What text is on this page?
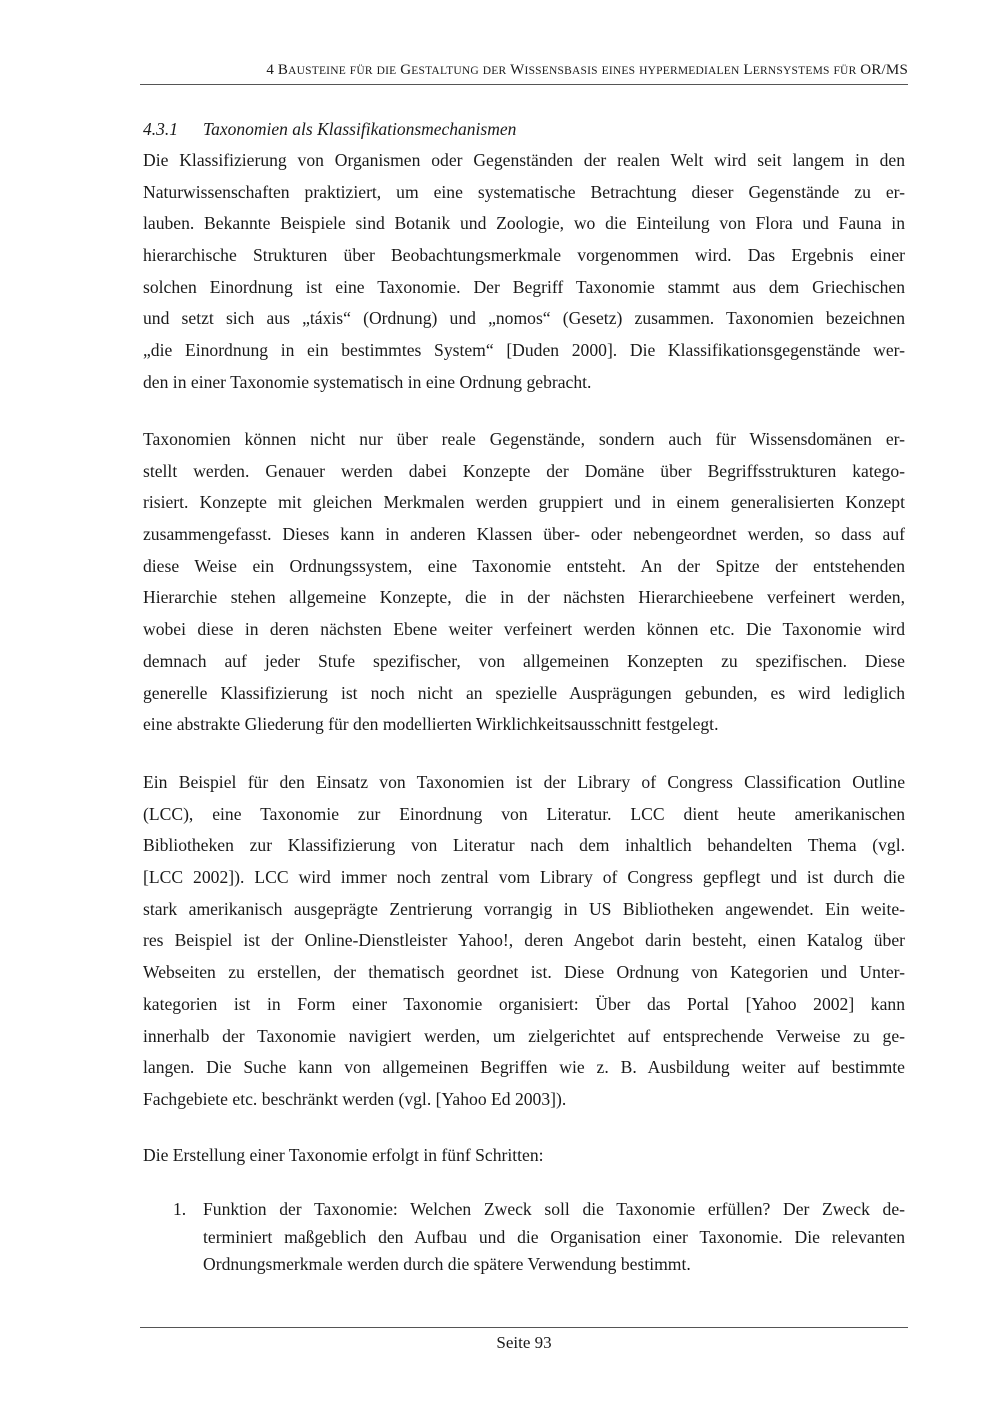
4 BAUSTEINE FÜR DIE GESTALTUNG DER WISSENSBASIS EINES HYPERMEDIALEN LERNSYSTEMS FÜR OR/MS
4.3.1 Taxonomien als Klassifikationsmechanismen
Die Klassifizierung von Organismen oder Gegenständen der realen Welt wird seit langem in den
Naturwissenschaften praktiziert, um eine systematische Betrachtung dieser Gegenstände zu er-
lauben. Bekannte Beispiele sind Botanik und Zoologie, wo die Einteilung von Flora und Fauna in
hierarchische Strukturen über Beobachtungsmerkmale vorgenommen wird. Das Ergebnis einer
solchen Einordnung ist eine Taxonomie. Der Begriff Taxonomie stammt aus dem Griechischen
und setzt sich aus „táxis“ (Ordnung) und „nomos“ (Gesetz) zusammen. Taxonomien bezeichnen
„die Einordnung in ein bestimmtes System“ [Duden 2000]. Die Klassifikationsgegenstände wer-
den in einer Taxonomie systematisch in eine Ordnung gebracht.
Taxonomien können nicht nur über reale Gegenstände, sondern auch für Wissensdomänen er-
stellt werden. Genauer werden dabei Konzepte der Domäne über Begriffsstrukturen katego-
risiert. Konzepte mit gleichen Merkmalen werden gruppiert und in einem generalisierten Konzept
zusammengefasst. Dieses kann in anderen Klassen über- oder nebengeordnet werden, so dass auf
diese Weise ein Ordnungssystem, eine Taxonomie entsteht. An der Spitze der entstehenden
Hierarchie stehen allgemeine Konzepte, die in der nächsten Hierarchieebene verfeinert werden,
wobei diese in deren nächsten Ebene weiter verfeinert werden können etc. Die Taxonomie wird
demnach auf jeder Stufe spezifischer, von allgemeinen Konzepten zu spezifischen. Diese
generelle Klassifizierung ist noch nicht an spezielle Ausprägungen gebunden, es wird lediglich
eine abstrakte Gliederung für den modellierten Wirklichkeitsausschnitt festgelegt.
Ein Beispiel für den Einsatz von Taxonomien ist der Library of Congress Classification Outline
(LCC), eine Taxonomie zur Einordnung von Literatur. LCC dient heute amerikanischen
Bibliotheken zur Klassifizierung von Literatur nach dem inhaltlich behandelten Thema (vgl.
[LCC 2002]). LCC wird immer noch zentral vom Library of Congress gepflegt und ist durch die
stark amerikanisch ausgeprägte Zentrierung vorrangig in US Bibliotheken angewendet. Ein weite-
res Beispiel ist der Online-Dienstleister Yahoo!, deren Angebot darin besteht, einen Katalog über
Webseiten zu erstellen, der thematisch geordnet ist. Diese Ordnung von Kategorien und Unter-
kategorien ist in Form einer Taxonomie organisiert: Über das Portal [Yahoo 2002] kann
innerhalb der Taxonomie navigiert werden, um zielgerichtet auf entsprechende Verweise zu ge-
langen. Die Suche kann von allgemeinen Begriffen wie z. B. Ausbildung weiter auf bestimmte
Fachgebiete etc. beschränkt werden (vgl. [Yahoo Ed 2003]).
Die Erstellung einer Taxonomie erfolgt in fünf Schritten:
1. Funktion der Taxonomie: Welchen Zweck soll die Taxonomie erfüllen? Der Zweck de-
terminiert maßgeblich den Aufbau und die Organisation einer Taxonomie. Die relevanten
Ordnungsmerkmale werden durch die spätere Verwendung bestimmt.
Seite 93
